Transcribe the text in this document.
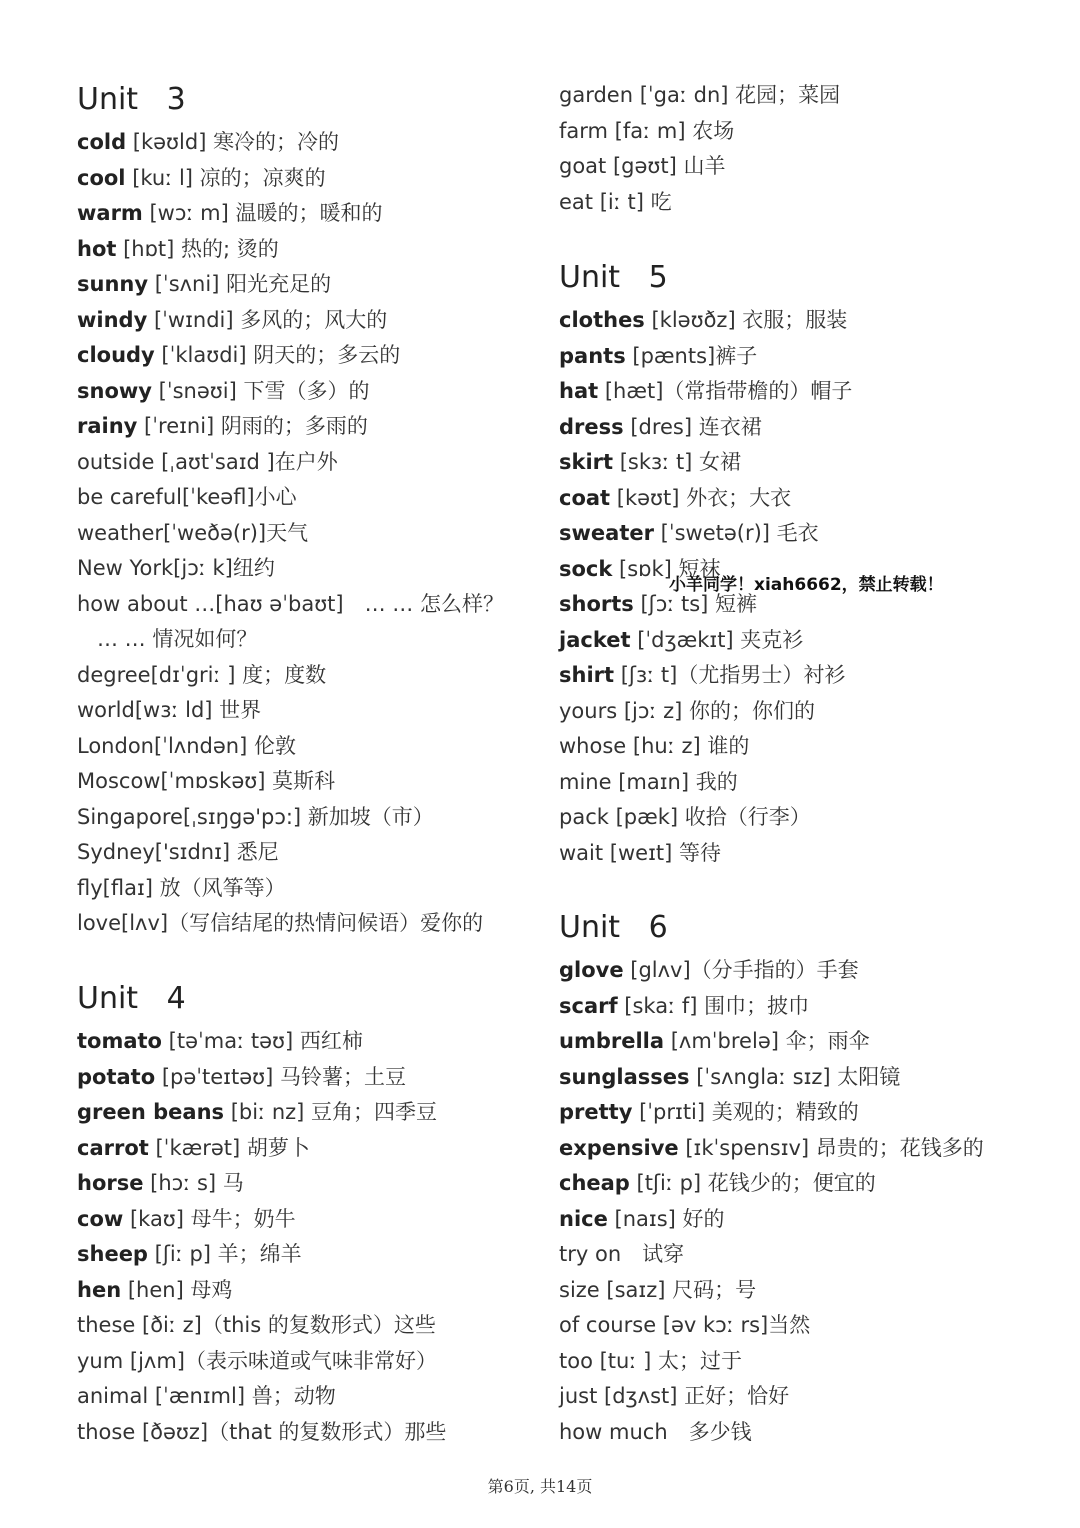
Unit   3
cold [kəʊld] 寒冷的；冷的
cool [kuː l] 凉的；凉爽的
warm [wɔː m] 温暖的；暖和的
hot [hɒt] 热的; 烫的
sunny [ˈsʌni] 阳光充足的
windy [ˈwɪndi] 多风的；风大的
cloudy [ˈklaʊdi] 阴天的；多云的
snowy [ˈsnəʊi] 下雪（多）的
rainy [ˈreɪni] 阴雨的；多雨的
outside [ˌaʊtˈsaɪd ]在户外
be careful[ˈkeəfl]小心
weather[ˈweðə(r)]天气
New York[jɔː k]纽约
how about …[haʊ əˈbaʊt]　… … 怎么样？
… … 情况如何？
degree[dɪˈgriː ] 度；度数
world[wɜː ld] 世界
London[ˈlʌndən] 伦敦
Moscow[ˈmɒskəʊ] 莫斯科
Singapore[ˌsɪŋgə'pɔ:] 新加坡（市）
Sydney['sɪdnɪ] 悉尼
fly[flaɪ] 放（风筝等）
love[lʌv]（写信结尾的热情问候语）爱你的
Unit   4
tomato [təˈmaː təʊ] 西红柿
potato [pəˈteɪtəʊ] 马铃薯；土豆
green beans [biː nz] 豆角；四季豆
carrot [ˈkærət] 胡萝卜
horse [hɔː s] 马
cow [kaʊ] 母牛；奶牛
sheep [ʃiː p] 羊；绵羊
hen [hen] 母鸡
these [ðiː z]（this 的复数形式）这些
yum [jʌm]（表示味道或气味非常好）
animal [ˈænɪml] 兽；动物
those [ðəʊz]（that 的复数形式）那些
garden [ˈgaː dn] 花园；菜园
farm [faː m] 农场
goat [gəʊt] 山羊
eat [iː t] 吃
Unit   5
clothes [kləʊðz] 衣服；服装
pants [pænts]裤子
hat [hæt]（常指带檐的）帽子
dress [dres] 连衣裙
skirt [skɜː t] 女裙
coat [kəʊt] 外衣；大衣
sweater [ˈswetə(r)] 毛衣
sock [sɒk] 短袜
shorts [ʃɔː ts] 短裤
jacket [ˈdʒækɪt] 夹克衫
shirt [ʃɜː t]（尤指男士）衬衫
yours [jɔː z] 你的；你们的
whose [huː z] 谁的
mine [maɪn] 我的
pack [pæk] 收拾（行李）
wait [weɪt] 等待
Unit   6
glove [glʌv]（分手指的）手套
scarf [skaː f] 围巾；披巾
umbrella [ʌmˈbrelə] 伞；雨伞
sunglasses [ˈsʌnglaː sɪz] 太阳镜
pretty [ˈprɪti] 美观的；精致的
expensive [ɪkˈspensɪv] 昂贵的；花钱多的
cheap [tʃiː p] 花钱少的；便宜的
nice [naɪs] 好的
try on　试穿
size [saɪz] 尺码；号
of course [əv kɔː rs]当然
too [tuː ] 太；过于
just [dʒʌst] 正好；恰好
how much　多少钱
小羊同学！xiah6662，禁止转载！
第6页, 共14页
